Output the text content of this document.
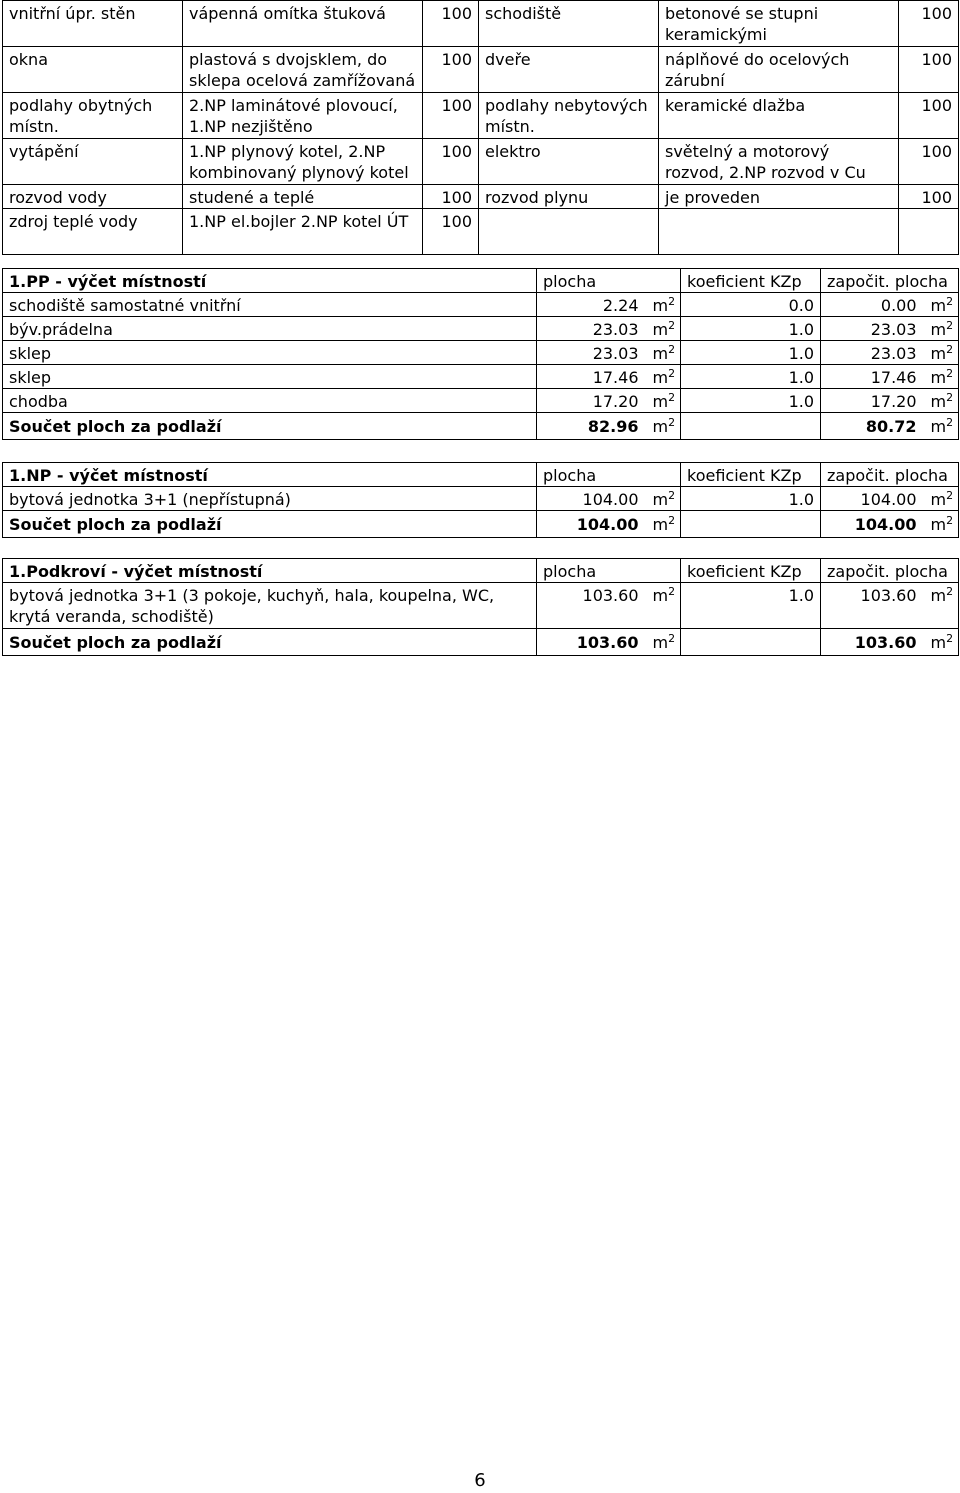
vnitřní úpr. stěn	vápenná omítka štuková	100	schodiště	betonové se stupni keramickými	100
okna	plastová s dvojsklem, do sklepa ocelová zamřížovaná	100	dveře	náplňové do ocelových zárubní	100
podlahy obytných místn.	2.NP laminátové plovoucí, 1.NP nezjištěno	100	podlahy nebytových místn.	keramické dlažba	100
vytápění	1.NP plynový kotel, 2.NP kombinovaný plynový kotel	100	elektro	světelný a motorový rozvod, 2.NP rozvod v Cu	100
rozvod vody	studené a teplé	100	rozvod plynu	je proveden	100
zdroj teplé vody	1.NP el.bojler 2.NP kotel ÚT	100			
1.PP - výčet místností	plocha		koeficient KZp	započit. plocha	
schodiště samostatné vnitřní	2.24	$m^2$	0.0	0.00	$m^2$
býv.prádelna	23.03	$m^2$	1.0	23.03	$m^2$
sklep	23.03	$m^2$	1.0	23.03	$m^2$
sklep	17.46	$m^2$	1.0	17.46	$m^2$
chodba	17.20	$m^2$	1.0	17.20	$m^2$
Součet ploch za podlaží	82.96	$m^2$		80.72	$m^2$
1.NP - výčet místností	plocha		koeficient KZp	započit. plocha	
bytová jednotka 3+1 (nepřístupná)	104.00	$m^2$	1.0	104.00	$m^2$
Součet ploch za podlaží	104.00	$m^2$		104.00	$m^2$
1.Podkroví - výčet místností	plocha		koeficient KZp	započit. plocha	
bytová jednotka 3+1 (3 pokoje, kuchyň, hala, koupelna, WC, krytá veranda, schodiště)	103.60	$m^2$	1.0	103.60	$m^2$
Součet ploch za podlaží	103.60	$m^2$		103.60	$m^2$
6
